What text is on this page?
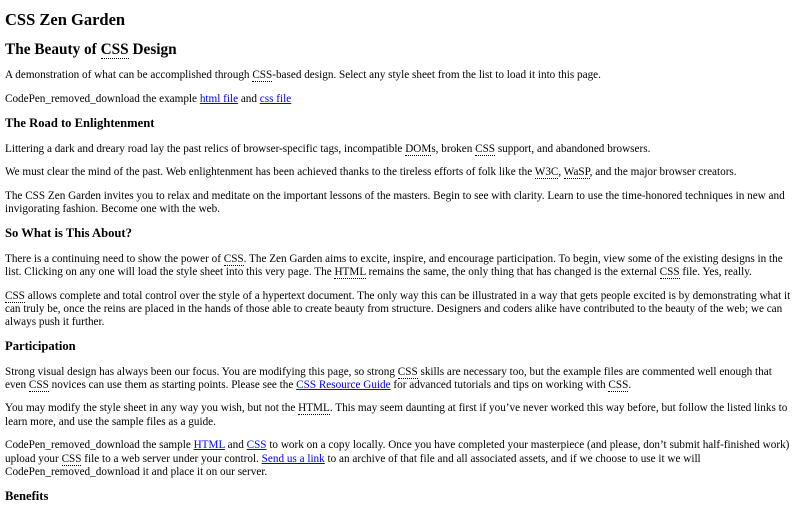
CSS Zen Garden
The Beauty of CSS Design

A demonstration of what can be accomplished through CSS-based design. Select any style sheet from the list to load it into this page.

CodePen_removed_download the example html file and css file

The Road to Enlightenment

Littering a dark and dreary road lay the past relics of browser-specific tags, incompatible DOMs, broken CSS support, and abandoned browsers.

We must clear the mind of the past. Web enlightenment has been achieved thanks to the tireless efforts of folk like the W3C, WaSP, and the major browser creators.

The CSS Zen Garden invites you to relax and meditate on the important lessons of the masters. Begin to see with clarity. Learn to use the time-honored techniques in new and invigorating fashion. Become one with the web.

So What is This About?

There is a continuing need to show the power of CSS. The Zen Garden aims to excite, inspire, and encourage participation. To begin, view some of the existing designs in the list. Clicking on any one will load the style sheet into this very page. The HTML remains the same, the only thing that has changed is the external CSS file. Yes, really.

CSS allows complete and total control over the style of a hypertext document. The only way this can be illustrated in a way that gets people excited is by demonstrating what it can truly be, once the reins are placed in the hands of those able to create beauty from structure. Designers and coders alike have contributed to the beauty of the web; we can always push it further.

Participation

Strong visual design has always been our focus. You are modifying this page, so strong CSS skills are necessary too, but the example files are commented well enough that even CSS novices can use them as starting points. Please see the CSS Resource Guide for advanced tutorials and tips on working with CSS.

You may modify the style sheet in any way you wish, but not the HTML. This may seem daunting at first if you’ve never worked this way before, but follow the listed links to learn more, and use the sample files as a guide.

CodePen_removed_download the sample HTML and CSS to work on a copy locally. Once you have completed your masterpiece (and please, don’t submit half-finished work) upload your CSS file to a web server under your control. Send us a link to an archive of that file and all associated assets, and if we choose to use it we will CodePen_removed_download it and place it on our server.

Benefits
